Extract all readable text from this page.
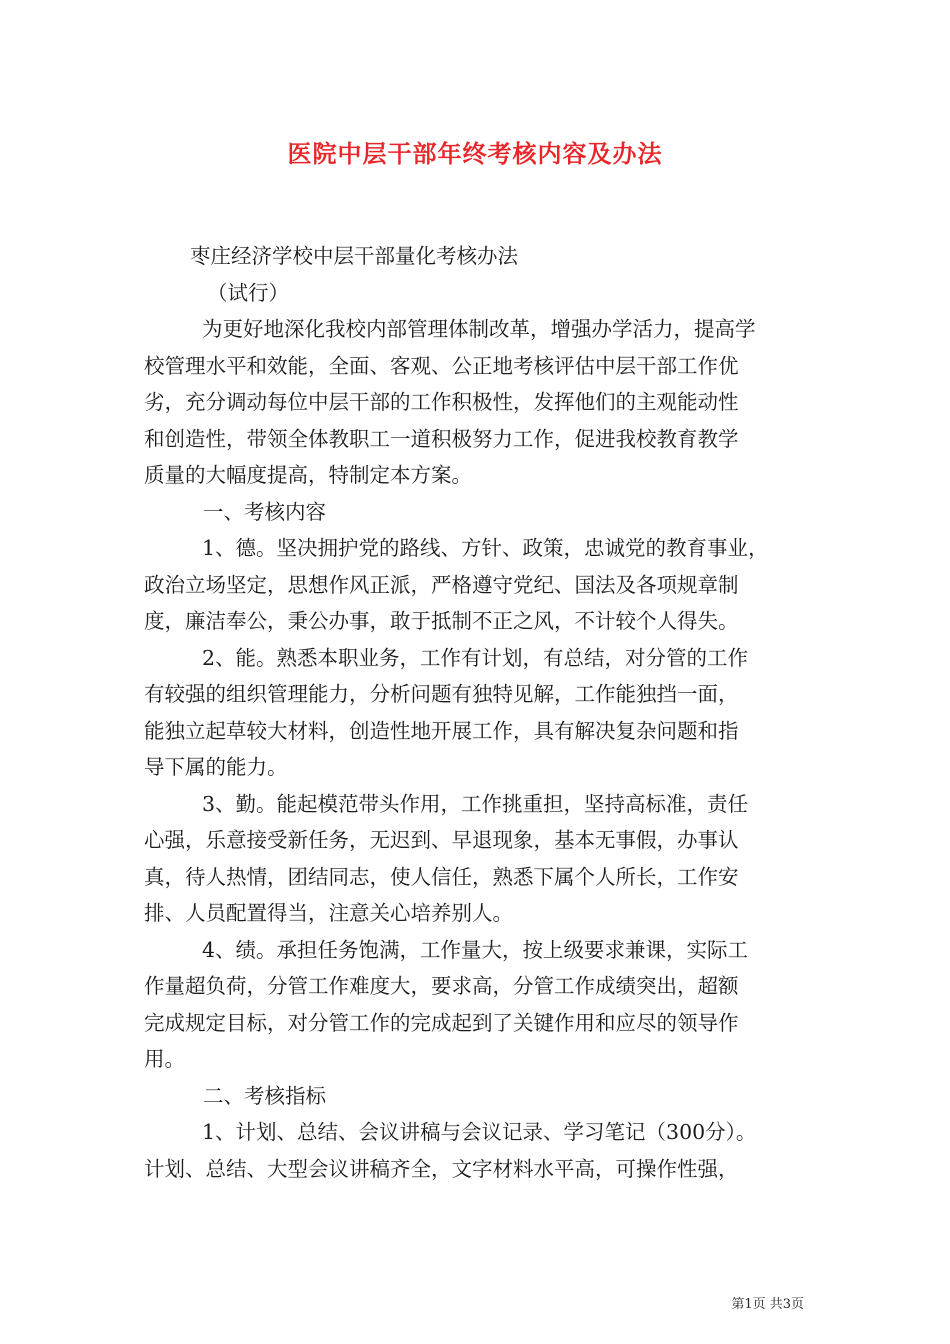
医院中层干部年终考核内容及办法
枣庄经济学校中层干部量化考核办法
（试行）
为更好地深化我校内部管理体制改革，增强办学活力，提高学
校管理水平和效能，全面、客观、公正地考核评估中层干部工作优
劣，充分调动每位中层干部的工作积极性，发挥他们的主观能动性
和创造性，带领全体教职工一道积极努力工作，促进我校教育教学
质量的大幅度提高，特制定本方案。
一、考核内容
1、德。坚决拥护党的路线、方针、政策，忠诚党的教育事业，
政治立场坚定，思想作风正派，严格遵守党纪、国法及各项规章制
度，廉洁奉公，秉公办事，敢于抵制不正之风，不计较个人得失。
2、能。熟悉本职业务，工作有计划，有总结，对分管的工作
有较强的组织管理能力，分析问题有独特见解，工作能独挡一面，
能独立起草较大材料，创造性地开展工作，具有解决复杂问题和指
导下属的能力。
3、勤。能起模范带头作用，工作挑重担，坚持高标准，责任
心强，乐意接受新任务，无迟到、早退现象，基本无事假，办事认
真，待人热情，团结同志，使人信任，熟悉下属个人所长，工作安
排、人员配置得当，注意关心培养别人。
4、绩。承担任务饱满，工作量大，按上级要求兼课，实际工
作量超负荷，分管工作难度大，要求高，分管工作成绩突出，超额
完成规定目标，对分管工作的完成起到了关键作用和应尽的领导作
用。
二、考核指标
1、计划、总结、会议讲稿与会议记录、学习笔记（300分）。
计划、总结、大型会议讲稿齐全，文字材料水平高，可操作性强，
第1页 共3页
